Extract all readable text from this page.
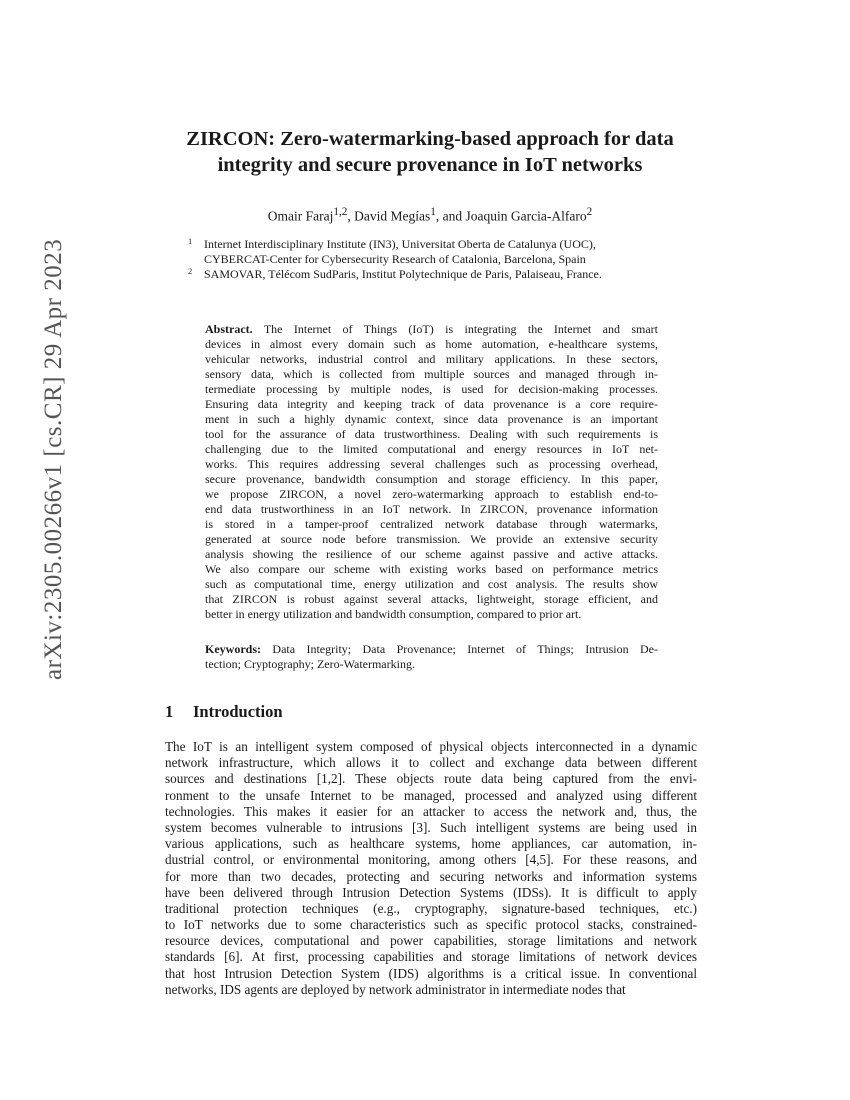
arXiv:2305.00266v1 [cs.CR] 29 Apr 2023
ZIRCON: Zero-watermarking-based approach for data
integrity and secure provenance in IoT networks
Omair Faraj$^{1,2}$, David Megías$^1$, and Joaquin Garcia-Alfaro$^2$
1 Internet Interdisciplinary Institute (IN3), Universitat Oberta de Catalunya (UOC),
CYBERCAT-Center for Cybersecurity Research of Catalonia, Barcelona, Spain
2 SAMOVAR, Télécom SudParis, Institut Polytechnique de Paris, Palaiseau, France.
Abstract. The Internet of Things (IoT) is integrating the Internet and smart
devices in almost every domain such as home automation, e-healthcare systems,
vehicular networks, industrial control and military applications. In these sectors,
sensory data, which is collected from multiple sources and managed through in-
termediate processing by multiple nodes, is used for decision-making processes.
Ensuring data integrity and keeping track of data provenance is a core require-
ment in such a highly dynamic context, since data provenance is an important
tool for the assurance of data trustworthiness. Dealing with such requirements is
challenging due to the limited computational and energy resources in IoT net-
works. This requires addressing several challenges such as processing overhead,
secure provenance, bandwidth consumption and storage efficiency. In this paper,
we propose ZIRCON, a novel zero-watermarking approach to establish end-to-
end data trustworthiness in an IoT network. In ZIRCON, provenance information
is stored in a tamper-proof centralized network database through watermarks,
generated at source node before transmission. We provide an extensive security
analysis showing the resilience of our scheme against passive and active attacks.
We also compare our scheme with existing works based on performance metrics
such as computational time, energy utilization and cost analysis. The results show
that ZIRCON is robust against several attacks, lightweight, storage efficient, and
better in energy utilization and bandwidth consumption, compared to prior art.
Keywords: Data Integrity; Data Provenance; Internet of Things; Intrusion De-
tection; Cryptography; Zero-Watermarking.
1 Introduction
The IoT is an intelligent system composed of physical objects interconnected in a dynamic
network infrastructure, which allows it to collect and exchange data between different
sources and destinations [1,2]. These objects route data being captured from the envi-
ronment to the unsafe Internet to be managed, processed and analyzed using different
technologies. This makes it easier for an attacker to access the network and, thus, the
system becomes vulnerable to intrusions [3]. Such intelligent systems are being used in
various applications, such as healthcare systems, home appliances, car automation, in-
dustrial control, or environmental monitoring, among others [4,5]. For these reasons, and
for more than two decades, protecting and securing networks and information systems
have been delivered through Intrusion Detection Systems (IDSs). It is difficult to apply
traditional protection techniques (e.g., cryptography, signature-based techniques, etc.)
to IoT networks due to some characteristics such as specific protocol stacks, constrained-
resource devices, computational and power capabilities, storage limitations and network
standards [6]. At first, processing capabilities and storage limitations of network devices
that host Intrusion Detection System (IDS) algorithms is a critical issue. In conventional
networks, IDS agents are deployed by network administrator in intermediate nodes that
